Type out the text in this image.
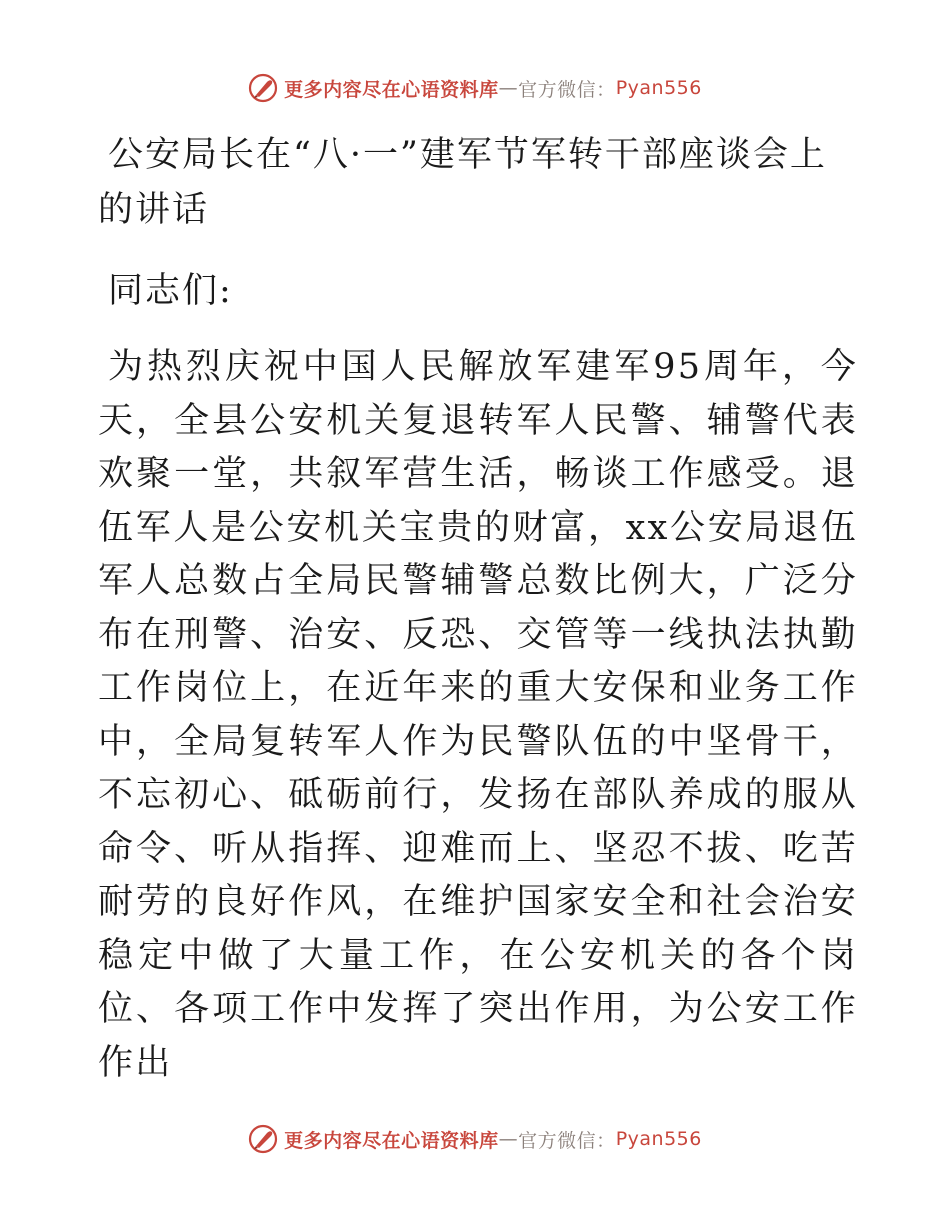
更多内容尽在心语资料库 — 官方微信： Pyan556
公安局长在“八·一”建军节军转干部座谈会上的讲话

同志们:

为热烈庆祝中国人民解放军建军95周年，今天，全县公安机关复退转军人民警、辅警代表欢聚一堂，共叙军营生活，畅谈工作感受。退伍军人是公安机关宝贵的财富，xx公安局退伍军人总数占全局民警辅警总数比例大，广泛分布在刑警、治安、反恐、交管等一线执法执勤工作岗位上，在近年来的重大安保和业务工作中，全局复转军人作为民警队伍的中坚骨干，不忘初心、砥砺前行，发扬在部队养成的服从命令、听从指挥、迎难而上、坚忍不拔、吃苦耐劳的良好作风，在维护国家安全和社会治安稳定中做了大量工作，在公安机关的各个岗位、各项工作中发挥了突出作用，为公安工作作出

更多内容尽在心语资料库 — 官方微信： Pyan556
